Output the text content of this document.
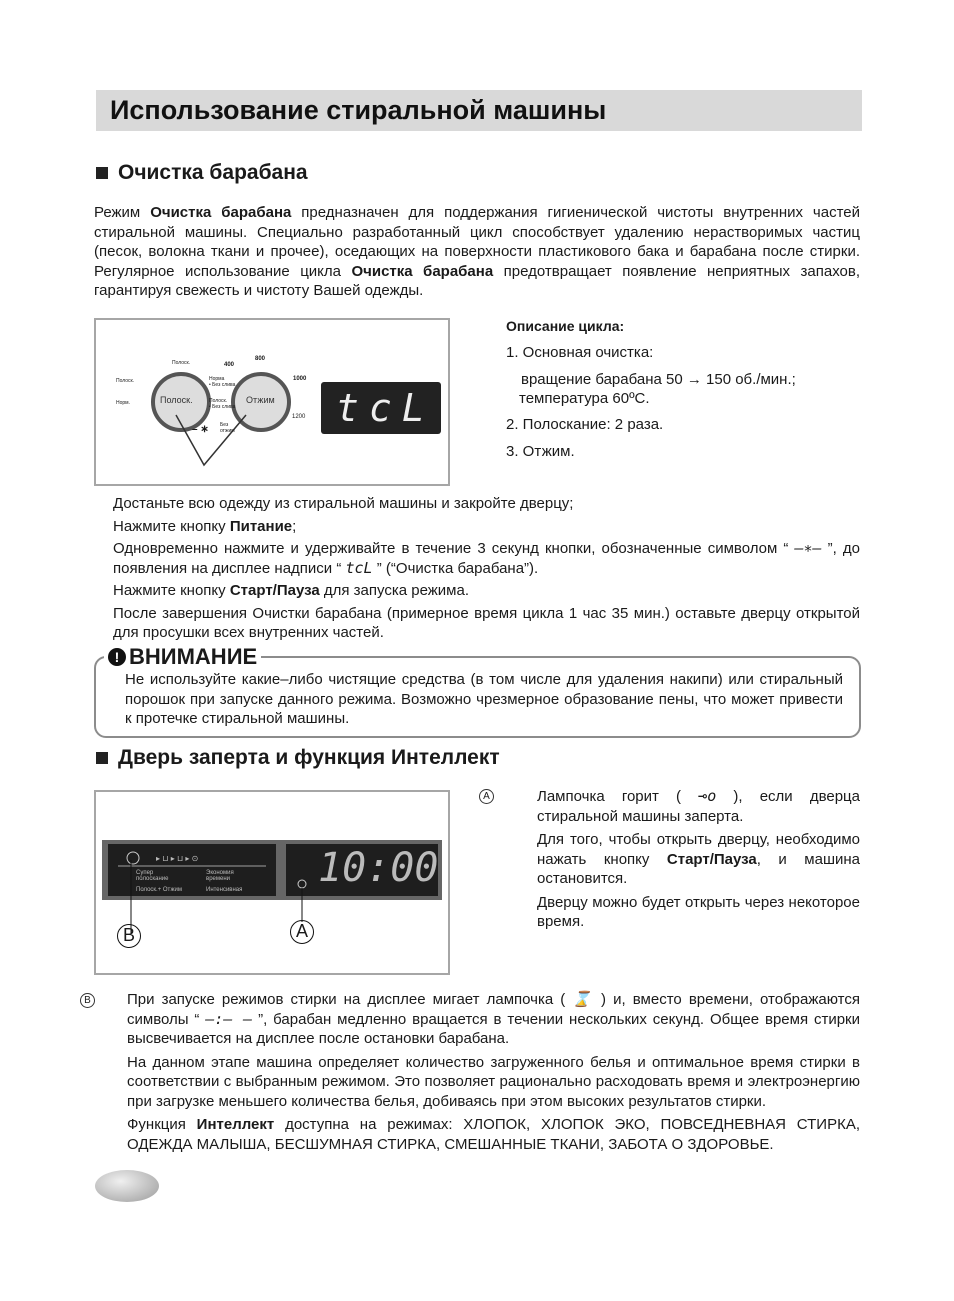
Использование стиральной машины
Очистка барабана
Режим Очистка барабана предназначен для поддержания гигиенической чистоты внутренних частей стиральной машины. Специально разработанный цикл способствует удалению нерастворимых частиц (песок, волокна ткани и прочее), оседающих на поверхности пластикового бака и барабана после стирки. Регулярное использование цикла Очистка барабана предотвращает появление неприятных запахов, гарантируя свежесть и чистоту Вашей одежды.
Полоск.	Отжим
Полоск.
Полоск.
Норм.
Норма
• Без слива
Полоск.
• Без слива
400
800
1000
1200
Без
отжим
– ∗	tcL
Описание цикла:
1. Основная очистка:
вращение барабана 50 → 150 об./мин.;
температура 60ºC.
2. Полоскание: 2 раза.
3. Отжим.
Достаньте всю одежду из стиральной машины и закройте дверцу;
Нажмите кнопку Питание;
Одновременно нажмите и удерживайте в течение 3 секунд кнопки, обозначенные символом “ –∗– ”, до появления на дисплее надписи “ tcL ” (“Очистка барабана”).
Нажмите кнопку Старт/Пауза для запуска режима.
После завершения Очистки барабана (примерное время цикла 1 час 35 мин.) оставьте дверцу открытой для просушки всех внутренних частей.
! ВНИМАНИЕ
Не используйте какие–либо чистящие средства (в том числе для удаления накипи) или стиральный порошок при запуске данного режима. Возможно чрезмерное образование пены, что может привести к протечке стиральной машины.
Дверь заперта и функция Интеллект
▸ ⊔ ▸ ⊔ ▸ ⊙
Супер
полоскание
Полоск.+ Отжим
Экономия
времени
Интенсивная 10:00
B	A
A	Лампочка горит ( ⊸o ), если дверца стиральной машины заперта.
Для того, чтобы открыть дверцу, необходимо нажать кнопку Старт/Пауза, и машина остановится.
Дверцу можно будет открыть через некоторое время.
B При запуске режимов стирки на дисплее мигает лампочка ( ⌛ ) и, вместо времени, отображаются символы “ –:– – ”, барабан медленно вращается в течении нескольких секунд. Общее время стирки высвечивается на дисплее после остановки барабана.
На данном этапе машина определяет количество загруженного белья и оптимальное время стирки в соответствии с выбранным режимом. Это позволяет рационально расходовать время и электроэнергию при загрузке меньшего количества белья, добиваясь при этом высоких результатов стирки.
Функция Интеллект доступна на режимах: ХЛОПОК, ХЛОПОК ЭКО, ПОВСЕДНЕВНАЯ СТИРКА, ОДЕЖДА МАЛЫША, БЕСШУМНАЯ СТИРКА, СМЕШАННЫЕ ТКАНИ, ЗАБОТА О ЗДОРОВЬЕ.
